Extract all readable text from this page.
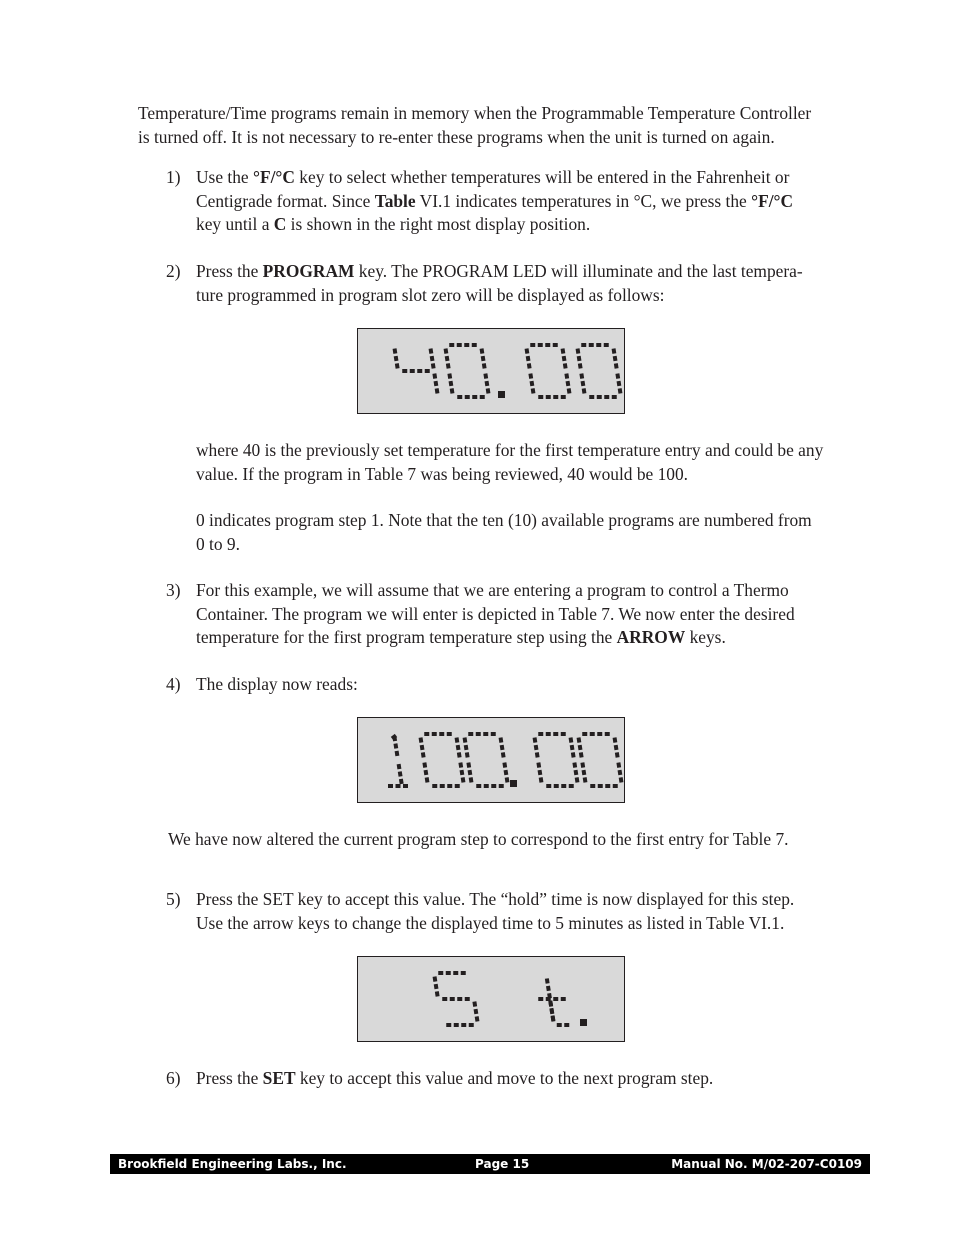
Temperature/Time programs remain in memory when the Programmable Temperature Controller
is turned off. It is not necessary to re-enter these programs when the unit is turned on again.
1) Use the °F/°C key to select whether temperatures will be entered in the Fahrenheit or
Centigrade format. Since Table VI.1 indicates temperatures in °C, we press the °F/°C
key until a C is shown in the right most display position.
2) Press the PROGRAM key. The PROGRAM LED will illuminate and the last tempera-
ture programmed in program slot zero will be displayed as follows:
where 40 is the previously set temperature for the first temperature entry and could be any
value. If the program in Table 7 was being reviewed, 40 would be 100.
0 indicates program step 1. Note that the ten (10) available programs are numbered from
0 to 9.
3) For this example, we will assume that we are entering a program to control a Thermo
Container. The program we will enter is depicted in Table 7. We now enter the desired
temperature for the first program temperature step using the ARROW keys.
4) The display now reads:
We have now altered the current program step to correspond to the first entry for Table 7.
5) Press the SET key to accept this value. The “hold” time is now displayed for this step.
Use the arrow keys to change the displayed time to 5 minutes as listed in Table VI.1.
6) Press the SET key to accept this value and move to the next program step.
Brookfield Engineering Labs., Inc.	Page 15	Manual No. M/02-207-C0109
